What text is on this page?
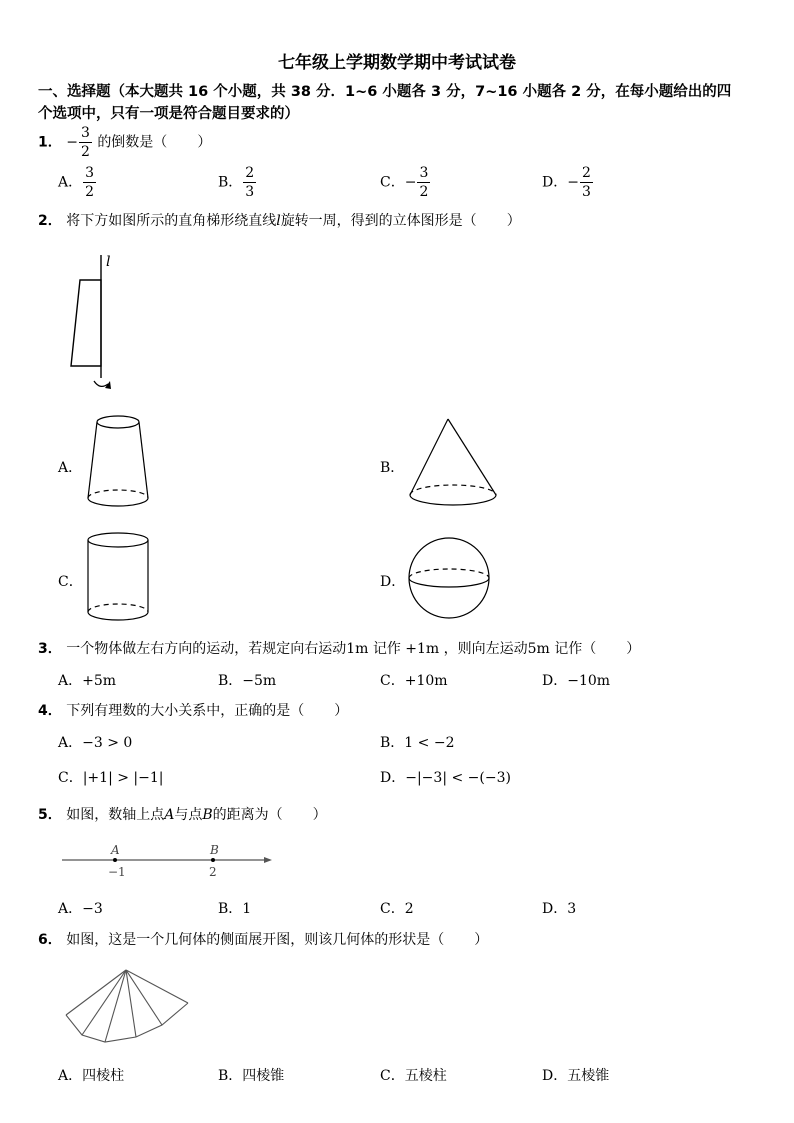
七年级上学期数学期中考试试卷
一、选择题（本大题共 16 个小题，共 38 分．1~6 小题各 3 分，7~16 小题各 2 分，在每小题给出的四
个选项中，只有一项是符合题目要求的）
1． − $\frac{3}{2}$ 的倒数是（ ）
A． $\frac{3}{2}$	B． $\frac{2}{3}$	C．− $\frac{3}{2}$	D．− $\frac{2}{3}$
2． 将下方如图所示的直角梯形绕直线l旋转一周，得到的立体图形是（ ）
l
A．	B．
C．	D．
3． 一个物体做左右方向的运动，若规定向右运动1m 记作 +1m ，则向左运动5m 记作（ ）
A．+5m	B．−5m	C．+10m	D．−10m
4． 下列有理数的大小关系中，正确的是（ ）
A．−3 > 0	B．1 < −2
C．|+1| > |−1|	D．−|−3| < −(−3)
5． 如图，数轴上点A与点B的距离为（ ）
A	B
−1	2
A．−3	B．1	C．2	D．3
6． 如图，这是一个几何体的侧面展开图，则该几何体的形状是（ ）
A．四棱柱	B．四棱锥	C．五棱柱	D．五棱锥
